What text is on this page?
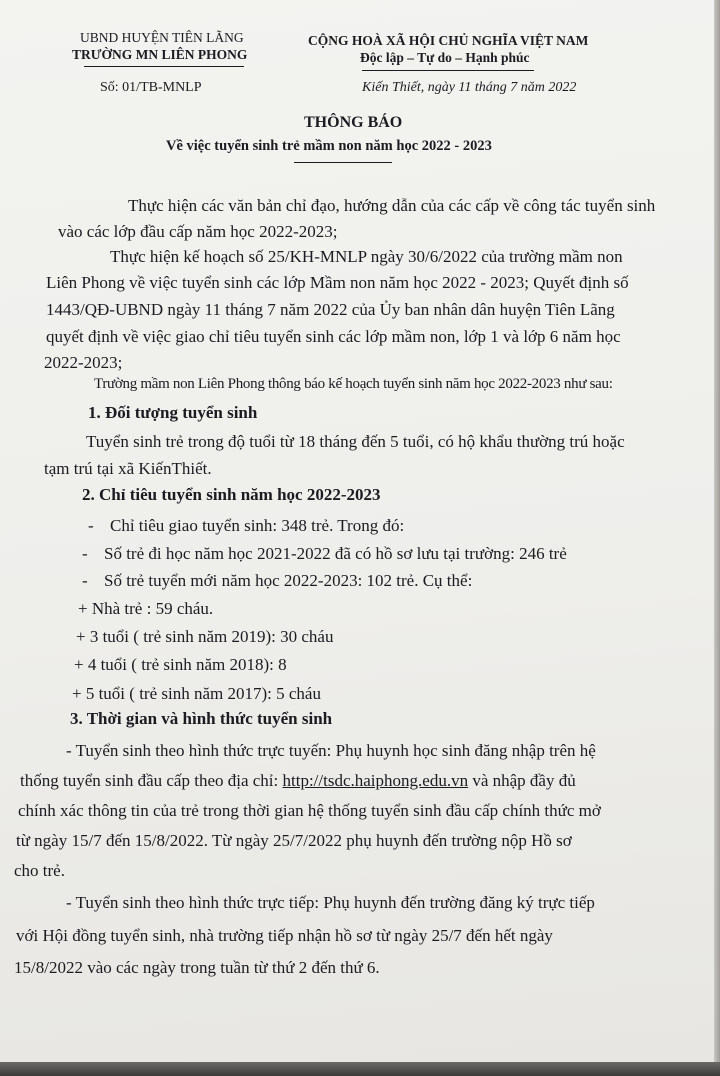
UBND HUYỆN TIÊN LÃNG
TRƯỜNG MN LIÊN PHONG
Số: 01/TB-MNLP
CỘNG HOÀ XÃ HỘI CHỦ NGHĨA VIỆT NAM
Độc lập – Tự do – Hạnh phúc
Kiến Thiết, ngày 11 tháng 7 năm 2022
THÔNG BÁO
Về việc tuyển sinh trẻ mầm non năm học 2022 - 2023
Thực hiện các văn bản chỉ đạo, hướng dẫn của các cấp về công tác tuyển sinh
vào các lớp đầu cấp năm học 2022-2023;
Thực hiện kế hoạch số 25/KH-MNLP ngày 30/6/2022 của trường mầm non
Liên Phong về việc tuyển sinh các lớp Mầm non năm học 2022 - 2023; Quyết định số
1443/QĐ-UBND ngày 11 tháng 7 năm 2022 của Ủy ban nhân dân huyện Tiên Lãng
quyết định về việc giao chỉ tiêu tuyển sinh các lớp mầm non, lớp 1 và lớp 6 năm học
2022-2023;
Trường mầm non Liên Phong thông báo kế hoạch tuyển sinh năm học 2022-2023 như sau:
1. Đối tượng tuyển sinh
Tuyển sinh trẻ trong độ tuổi từ 18 tháng đến 5 tuổi, có hộ khẩu thường trú hoặc
tạm trú tại xã KiếnThiết.
2. Chỉ tiêu tuyển sinh năm học 2022-2023
- Chỉ tiêu giao tuyển sinh: 348 trẻ. Trong đó:
- Số trẻ đi học năm học 2021-2022 đã có hồ sơ lưu tại trường: 246 trẻ
- Số trẻ tuyển mới năm học 2022-2023: 102 trẻ. Cụ thể:
+ Nhà trẻ : 59 cháu.
+ 3 tuổi ( trẻ sinh năm 2019): 30 cháu
+ 4 tuổi ( trẻ sinh năm 2018): 8
+ 5 tuổi ( trẻ sinh năm 2017): 5 cháu
3. Thời gian và hình thức tuyển sinh
- Tuyển sinh theo hình thức trực tuyến: Phụ huynh học sinh đăng nhập trên hệ
thống tuyển sinh đầu cấp theo địa chỉ: http://tsdc.haiphong.edu.vn và nhập đầy đủ
chính xác thông tin của trẻ trong thời gian hệ thống tuyển sinh đầu cấp chính thức mở
từ ngày 15/7 đến 15/8/2022. Từ ngày 25/7/2022 phụ huynh đến trường nộp Hồ sơ
cho trẻ.
- Tuyển sinh theo hình thức trực tiếp: Phụ huynh đến trường đăng ký trực tiếp
với Hội đồng tuyển sinh, nhà trường tiếp nhận hồ sơ từ ngày 25/7 đến hết ngày
15/8/2022 vào các ngày trong tuần từ thứ 2 đến thứ 6.
